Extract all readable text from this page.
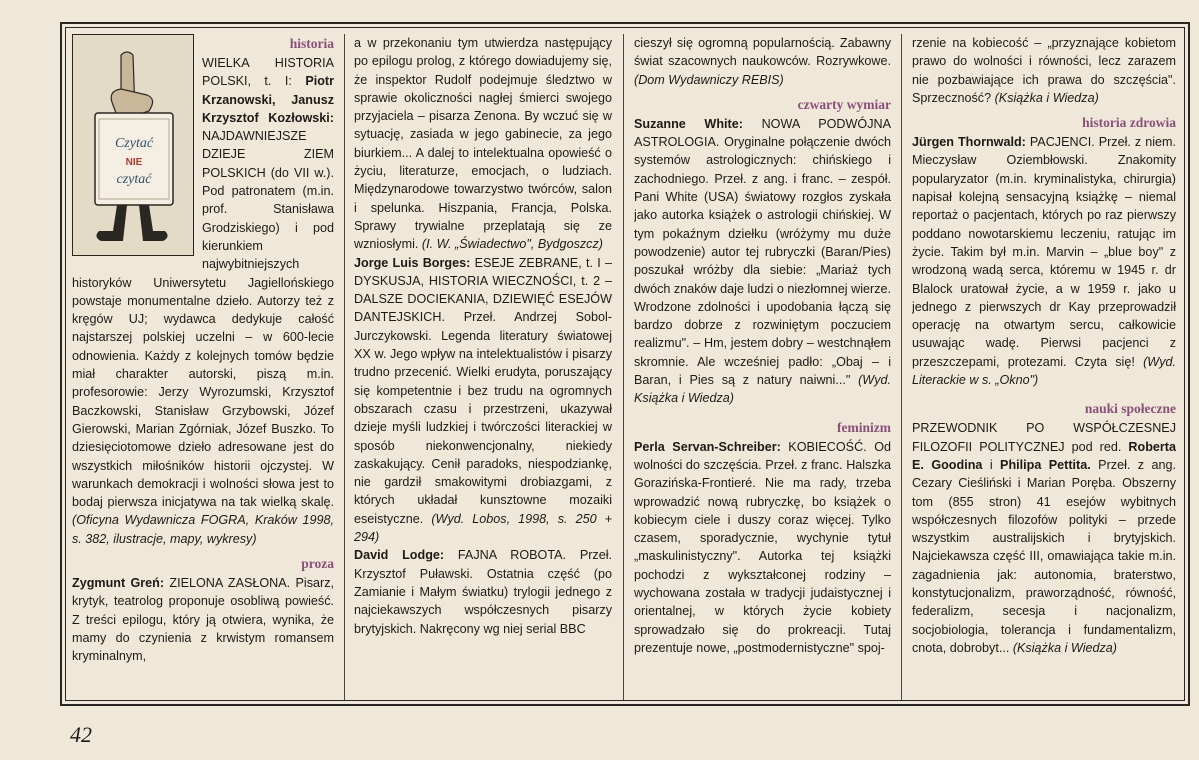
Czytać
NIE
czytać
historia

WIELKA HISTORIA POLSKI, t. I: Piotr Krzanowski, Janusz Krzysztof Kozłowski: NAJDAWNIEJSZE DZIEJE ZIEM POLSKICH (do VII w.). Pod patronatem (m.in. prof. Stanisława Grodziskiego) i pod kierunkiem najwybitniejszych historyków Uniwersytetu Jagiellońskiego powstaje monumentalne dzieło. Autorzy też z kręgów UJ; wydawca dedykuje całość najstarszej polskiej uczelni – w 600-lecie odnowienia. Każdy z kolejnych tomów będzie miał charakter autorski, piszą m.in. profesorowie: Jerzy Wyrozumski, Krzysztof Baczkowski, Stanisław Grzybowski, Józef Gierowski, Marian Zgórniak, Józef Buszko. To dziesięciotomowe dzieło adresowane jest do wszystkich miłośników historii ojczystej. W warunkach demokracji i wolności słowa jest to bodaj pierwsza inicjatywa na tak wielką skalę. (Oficyna Wydawnicza FOGRA, Kraków 1998, s. 382, ilustracje, mapy, wykresy)

proza

Zygmunt Greń: ZIELONA ZASŁONA. Pisarz, krytyk, teatrolog proponuje osobliwą powieść. Z treści epilogu, który ją otwiera, wynika, że mamy do czynienia z krwistym romansem kryminalnym,

a w przekonaniu tym utwierdza następujący po epilogu prolog, z którego dowiadujemy się, że inspektor Rudolf podejmuje śledztwo w sprawie okoliczności nagłej śmierci swojego przyjaciela – pisarza Zenona. By wczuć się w sytuację, zasiada w jego gabinecie, za jego biurkiem... A dalej to intelektualna opowieść o życiu, literaturze, emocjach, o ludziach. Międzynarodowe towarzystwo twórców, salon i spelunka. Hiszpania, Francja, Polska. Sprawy trywialne przeplatają się ze wzniosłymi. (I. W. „Świadectwo", Bydgoszcz)

Jorge Luis Borges: ESEJE ZEBRANE, t. I – DYSKUSJA, HISTORIA WIECZNOŚCI, t. 2 – DALSZE DOCIEKANIA, DZIEWIĘĆ ESEJÓW DANTEJSKICH. Przeł. Andrzej Sobol-Jurczykowski. Legenda literatury światowej XX w. Jego wpływ na intelektualistów i pisarzy trudno przecenić. Wielki erudyta, poruszający się kompetentnie i bez trudu na ogromnych obszarach czasu i przestrzeni, ukazywał dzieje myśli ludzkiej i twórczości literackiej w sposób niekonwencjonalny, niekiedy zaskakujący. Cenił paradoks, niespodziankę, nie gardził smakowitymi drobiazgami, z których układał kunsztowne mozaiki eseistyczne. (Wyd. Lobos, 1998, s. 250 + 294)

David Lodge: FAJNA ROBOTA. Przeł. Krzysztof Puławski. Ostatnia część (po Zamianie i Małym światku) trylogii jednego z najciekawszych współczesnych pisarzy brytyjskich. Nakręcony wg niej serial BBC

cieszył się ogromną popularnością. Zabawny świat szacownych naukowców. Rozrywkowe. (Dom Wydawniczy REBIS)

czwarty wymiar

Suzanne White: NOWA PODWÓJNA ASTROLOGIA. Oryginalne połączenie dwóch systemów astrologicznych: chińskiego i zachodniego. Przeł. z ang. i franc. – zespół. Pani White (USA) światowy rozgłos zyskała jako autorka książek o astrologii chińskiej. W tym pokaźnym dziełku (wróżymy mu duże powodzenie) autor tej rubryczki (Baran/Pies) poszukał wróżby dla siebie: „Mariaż tych dwóch znaków daje ludzi o niezłomnej wierze. Wrodzone zdolności i upodobania łączą się bardzo dobrze z rozwiniętym poczuciem realizmu". – Hm, jestem dobry – westchnąłem skromnie. Ale wcześniej padło: „Obaj – i Baran, i Pies są z natury naiwni..." (Wyd. Książka i Wiedza)

feminizm

Perla Servan-Schreiber: KOBIECOŚĆ. Od wolności do szczęścia. Przeł. z franc. Halszka Gorazińska-Frontieré. Nie ma rady, trzeba wprowadzić nową rubryczkę, bo książek o kobiecym ciele i duszy coraz więcej. Tylko czasem, sporadycznie, wychynie tytuł „maskulinistyczny". Autorka tej książki pochodzi z wykształconej rodziny – wychowana została w tradycji judaistycznej i orientalnej, w których życie kobiety sprowadzało się do prokreacji. Tutaj prezentuje nowe, „postmodernistyczne" spoj-

rzenie na kobiecość – „przyznające kobietom prawo do wolności i równości, lecz zarazem nie pozbawiające ich prawa do szczęścia". Sprzeczność? (Książka i Wiedza)

historia zdrowia

Jürgen Thornwald: PACJENCI. Przeł. z niem. Mieczysław Oziembłowski. Znakomity popularyzator (m.in. kryminalistyka, chirurgia) napisał kolejną sensacyjną książkę – niemal reportaż o pacjentach, których po raz pierwszy poddano nowotarskiemu leczeniu, ratując im życie. Takim był m.in. Marvin – „blue boy" z wrodzoną wadą serca, któremu w 1945 r. dr Blalock uratował życie, a w 1959 r. jako u jednego z pierwszych dr Kay przeprowadził operację na otwartym sercu, całkowicie usuwając wadę. Pierwsi pacjenci z przeszczepami, protezami. Czyta się! (Wyd. Literackie w s. „Okno")

nauki społeczne

PRZEWODNIK PO WSPÓŁCZESNEJ FILOZOFII POLITYCZNEJ pod red. Roberta E. Goodina i Philipa Pettita. Przeł. z ang. Cezary Cieśliński i Marian Poręba. Obszerny tom (855 stron) 41 esejów wybitnych współczesnych filozofów polityki – przede wszystkim australijskich i brytyjskich. Najciekawsza część III, omawiająca takie m.in. zagadnienia jak: autonomia, braterstwo, konstytucjonalizm, praworządność, równość, federalizm, secesja i nacjonalizm, socjobiologia, tolerancja i fundamentalizm, cnota, dobrobyt... (Książka i Wiedza)

42
